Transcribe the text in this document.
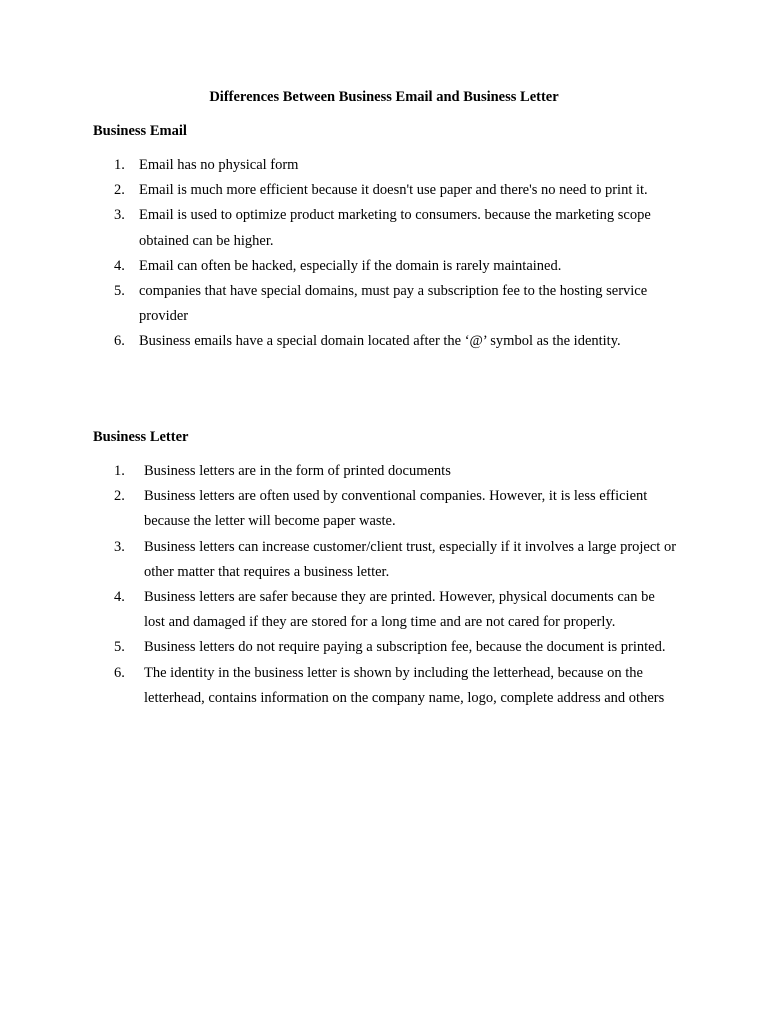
Differences Between Business Email and Business Letter
Business Email
1. Email has no physical form
2. Email is much more efficient because it doesn't use paper and there's no need to print it.
3. Email is used to optimize product marketing to consumers. because the marketing scope obtained can be higher.
4. Email can often be hacked, especially if the domain is rarely maintained.
5. companies that have special domains, must pay a subscription fee to the hosting service provider
6. Business emails have a special domain located after the ‘@’ symbol as the identity.
Business Letter
1. Business letters are in the form of printed documents
2. Business letters are often used by conventional companies. However, it is less efficient because the letter will become paper waste.
3. Business letters can increase customer/client trust, especially if it involves a large project or other matter that requires a business letter.
4. Business letters are safer because they are printed. However, physical documents can be lost and damaged if they are stored for a long time and are not cared for properly.
5. Business letters do not require paying a subscription fee, because the document is printed.
6. The identity in the business letter is shown by including the letterhead, because on the letterhead, contains information on the company name, logo, complete address and others
